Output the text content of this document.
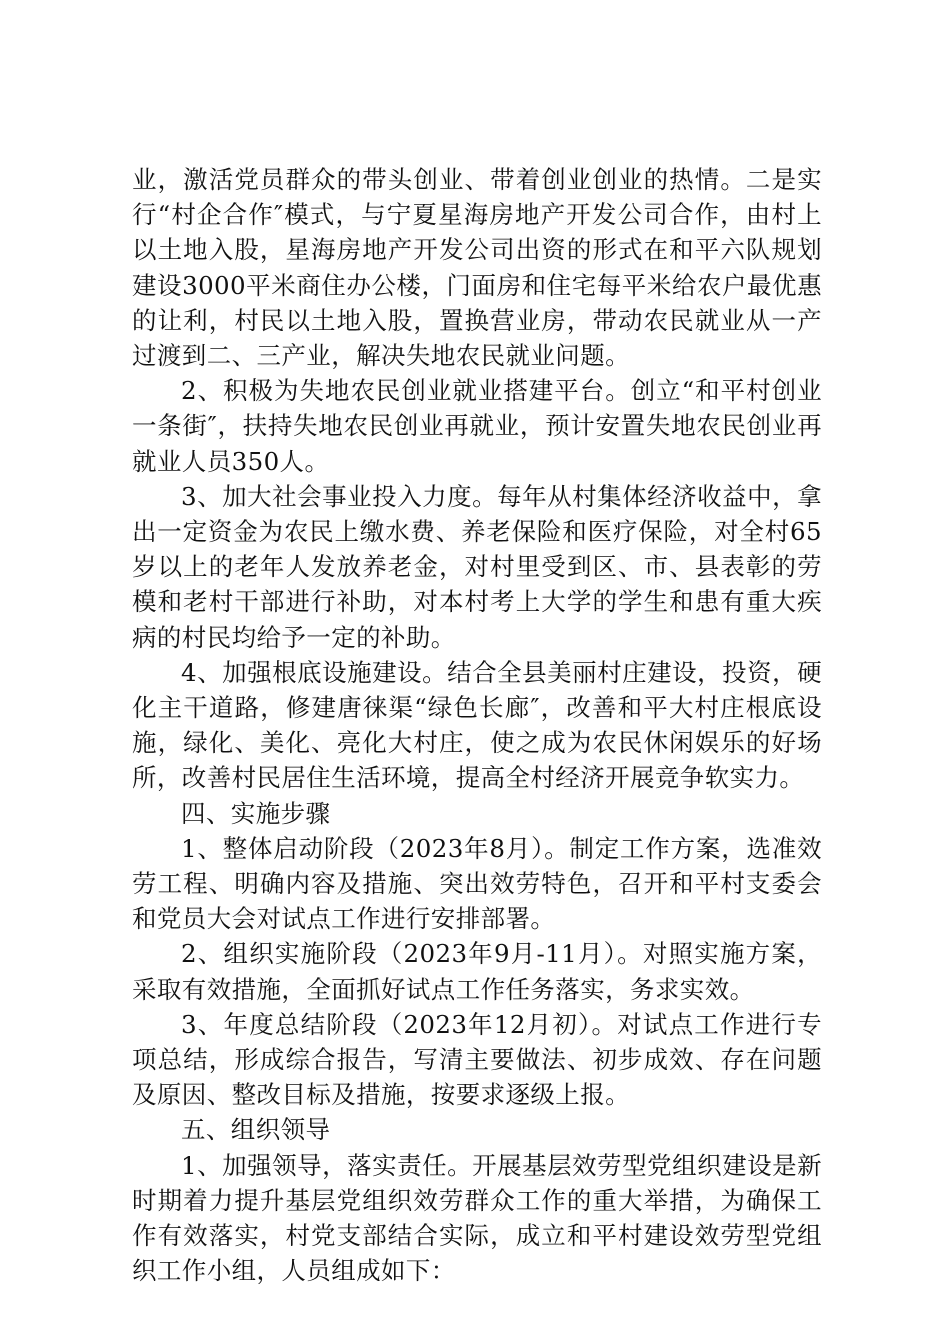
业，激活党员群众的带头创业、带着创业创业的热情。二是实行“村企合作″模式，与宁夏星海房地产开发公司合作，由村上以土地入股，星海房地产开发公司出资的形式在和平六队规划建设3000平米商住办公楼，门面房和住宅每平米给农户最优惠的让利，村民以土地入股，置换营业房，带动农民就业从一产过渡到二、三产业，解决失地农民就业问题。

2、积极为失地农民创业就业搭建平台。创立“和平村创业一条街″，扶持失地农民创业再就业，预计安置失地农民创业再就业人员350人。

3、加大社会事业投入力度。每年从村集体经济收益中，拿出一定资金为农民上缴水费、养老保险和医疗保险，对全村65岁以上的老年人发放养老金，对村里受到区、市、县表彰的劳模和老村干部进行补助，对本村考上大学的学生和患有重大疾病的村民均给予一定的补助。

4、加强根底设施建设。结合全县美丽村庄建设，投资，硬化主干道路，修建唐徕渠“绿色长廊″，改善和平大村庄根底设施，绿化、美化、亮化大村庄，使之成为农民休闲娱乐的好场所，改善村民居住生活环境，提高全村经济开展竞争软实力。

四、实施步骤

1、整体启动阶段（2023年8月）。制定工作方案，选准效劳工程、明确内容及措施、突出效劳特色，召开和平村支委会和党员大会对试点工作进行安排部署。

2、组织实施阶段（2023年9月-11月）。对照实施方案，采取有效措施，全面抓好试点工作任务落实，务求实效。

3、年度总结阶段（2023年12月初）。对试点工作进行专项总结，形成综合报告，写清主要做法、初步成效、存在问题及原因、整改目标及措施，按要求逐级上报。

五、组织领导

1、加强领导，落实责任。开展基层效劳型党组织建设是新时期着力提升基层党组织效劳群众工作的重大举措，为确保工作有效落实，村党支部结合实际，成立和平村建设效劳型党组织工作小组，人员组成如下：
